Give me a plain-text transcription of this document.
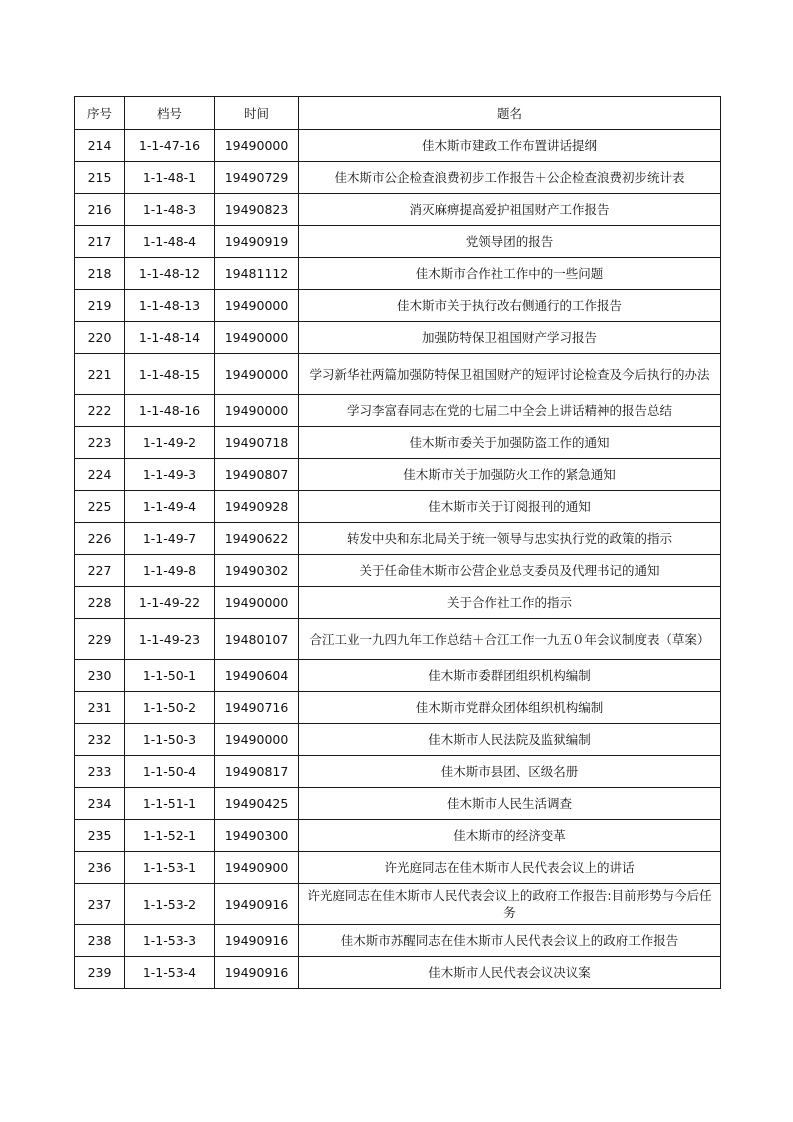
序号	档号	时间	题名
214	1-1-47-16	19490000	佳木斯市建政工作布置讲话提纲
215	1-1-48-1	19490729	佳木斯市公企检查浪费初步工作报告＋公企检查浪费初步统计表
216	1-1-48-3	19490823	消灭麻痹提高爱护祖国财产工作报告
217	1-1-48-4	19490919	党领导团的报告
218	1-1-48-12	19481112	佳木斯市合作社工作中的一些问题
219	1-1-48-13	19490000	佳木斯市关于执行改右侧通行的工作报告
220	1-1-48-14	19490000	加强防特保卫祖国财产学习报告
221	1-1-48-15	19490000	学习新华社两篇加强防特保卫祖国财产的短评讨论检查及今后执行的办法
222	1-1-48-16	19490000	学习李富春同志在党的七届二中全会上讲话精神的报告总结
223	1-1-49-2	19490718	佳木斯市委关于加强防盗工作的通知
224	1-1-49-3	19490807	佳木斯市关于加强防火工作的紧急通知
225	1-1-49-4	19490928	佳木斯市关于订阅报刊的通知
226	1-1-49-7	19490622	转发中央和东北局关于统一领导与忠实执行党的政策的指示
227	1-1-49-8	19490302	关于任命佳木斯市公营企业总支委员及代理书记的通知
228	1-1-49-22	19490000	关于合作社工作的指示
229	1-1-49-23	19480107	合江工业一九四九年工作总结＋合江工作一九五０年会议制度表（草案）
230	1-1-50-1	19490604	佳木斯市委群团组织机构编制
231	1-1-50-2	19490716	佳木斯市党群众团体组织机构编制
232	1-1-50-3	19490000	佳木斯市人民法院及监狱编制
233	1-1-50-4	19490817	佳木斯市县团、区级名册
234	1-1-51-1	19490425	佳木斯市人民生活调查
235	1-1-52-1	19490300	佳木斯市的经济变革
236	1-1-53-1	19490900	许光庭同志在佳木斯市人民代表会议上的讲话
237	1-1-53-2	19490916	许光庭同志在佳木斯市人民代表会议上的政府工作报告:目前形势与今后任 务
238	1-1-53-3	19490916	佳木斯市苏醒同志在佳木斯市人民代表会议上的政府工作报告
239	1-1-53-4	19490916	佳木斯市人民代表会议决议案
